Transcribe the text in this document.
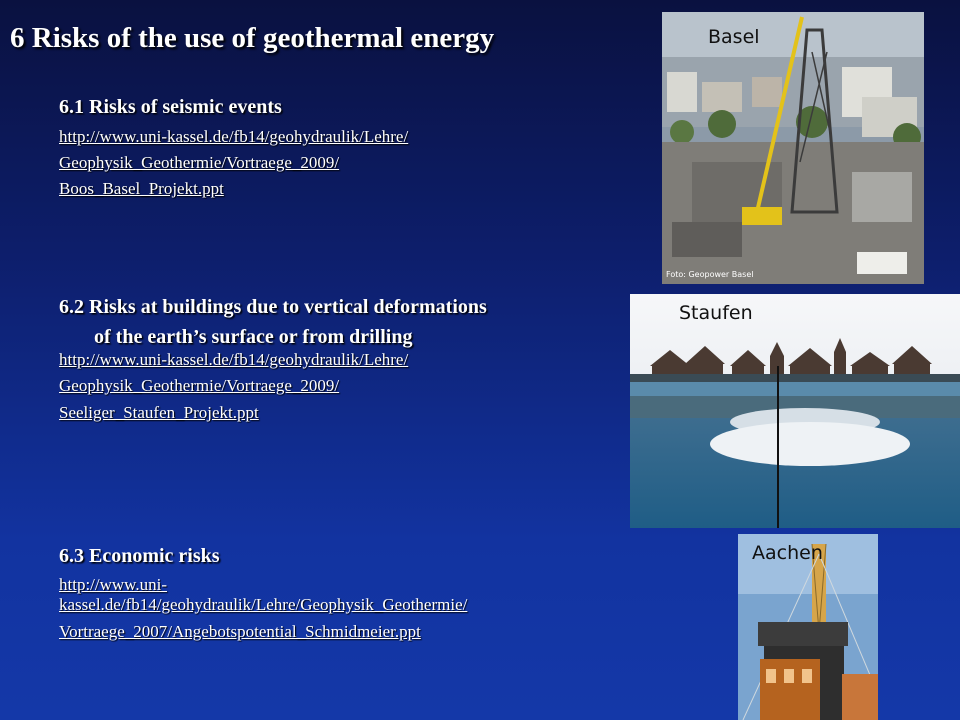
6 Risks of the use of geothermal energy
6.1 Risks of seismic events
http://www.uni-kassel.de/fb14/geohydraulik/Lehre/
Geophysik_Geothermie/Vortraege_2009/
Boos_Basel_Projekt.ppt
6.2 Risks at buildings due to vertical deformations
of the earth’s surface or from drilling
http://www.uni-kassel.de/fb14/geohydraulik/Lehre/
Geophysik_Geothermie/Vortraege_2009/
Seeliger_Staufen_Projekt.ppt
6.3 Economic risks
http://www.uni-
kassel.de/fb14/geohydraulik/Lehre/Geophysik_Geothermie/
Vortraege_2007/Angebotspotential_Schmidmeier.ppt
Basel
Foto: Geopower Basel
Staufen
Aachen
